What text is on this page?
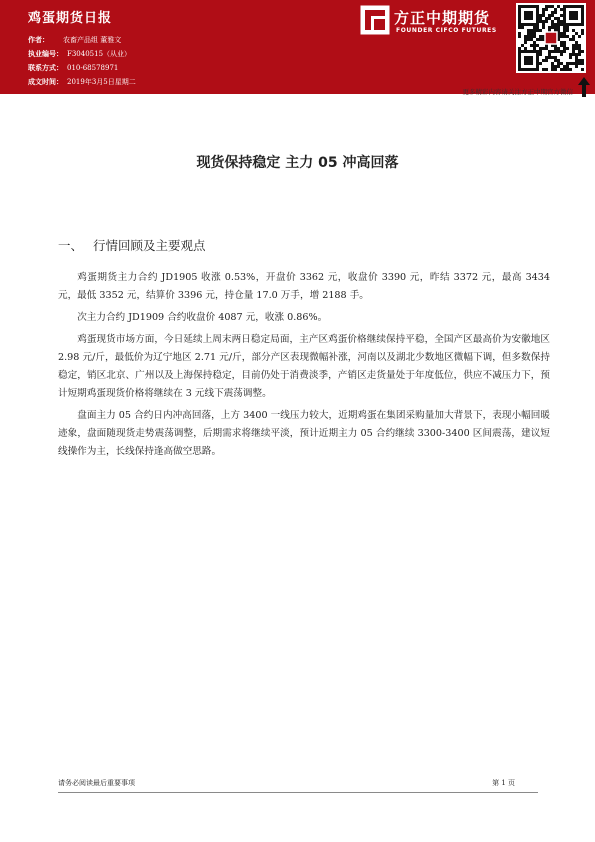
鸡蛋期货日报
作者： 农畜产品组 董雅文
执业编号： F3040515（从业）
联系方式： 010-68578971
成文时间： 2019年3月5日星期二
方正中期期货
FOUNDER CIFCO FUTURES
更多精彩内容请关注方正中期官方微信
现货保持稳定 主力 05 冲高回落
一、 行情回顾及主要观点

鸡蛋期货主力合约 JD1905 收涨 0.53%，开盘价 3362 元，收盘价 3390 元，昨结 3372 元，最高 3434 元，最低 3352 元，结算价 3396 元，持仓量 17.0 万手，增 2188 手。

次主力合约 JD1909 合约收盘价 4087 元，收涨 0.86%。

鸡蛋现货市场方面，今日延续上周末两日稳定局面，主产区鸡蛋价格继续保持平稳，全国产区最高价为安徽地区 2.98 元/斤，最低价为辽宁地区 2.71 元/斤，部分产区表现微幅补涨，河南以及湖北少数地区微幅下调，但多数保持稳定，销区北京、广州以及上海保持稳定，目前仍处于消费淡季，产销区走货量处于年度低位，供应不减压力下，预计短期鸡蛋现货价格将继续在 3 元线下震荡调整。

盘面主力 05 合约日内冲高回落，上方 3400 一线压力较大，近期鸡蛋在集团采购量加大背景下，表现小幅回暖迹象，盘面随现货走势震荡调整，后期需求将继续平淡，预计近期主力 05 合约继续 3300-3400 区间震荡，建议短线操作为主，长线保持逢高做空思路。

请务必阅读最后重要事项	第 1 页
